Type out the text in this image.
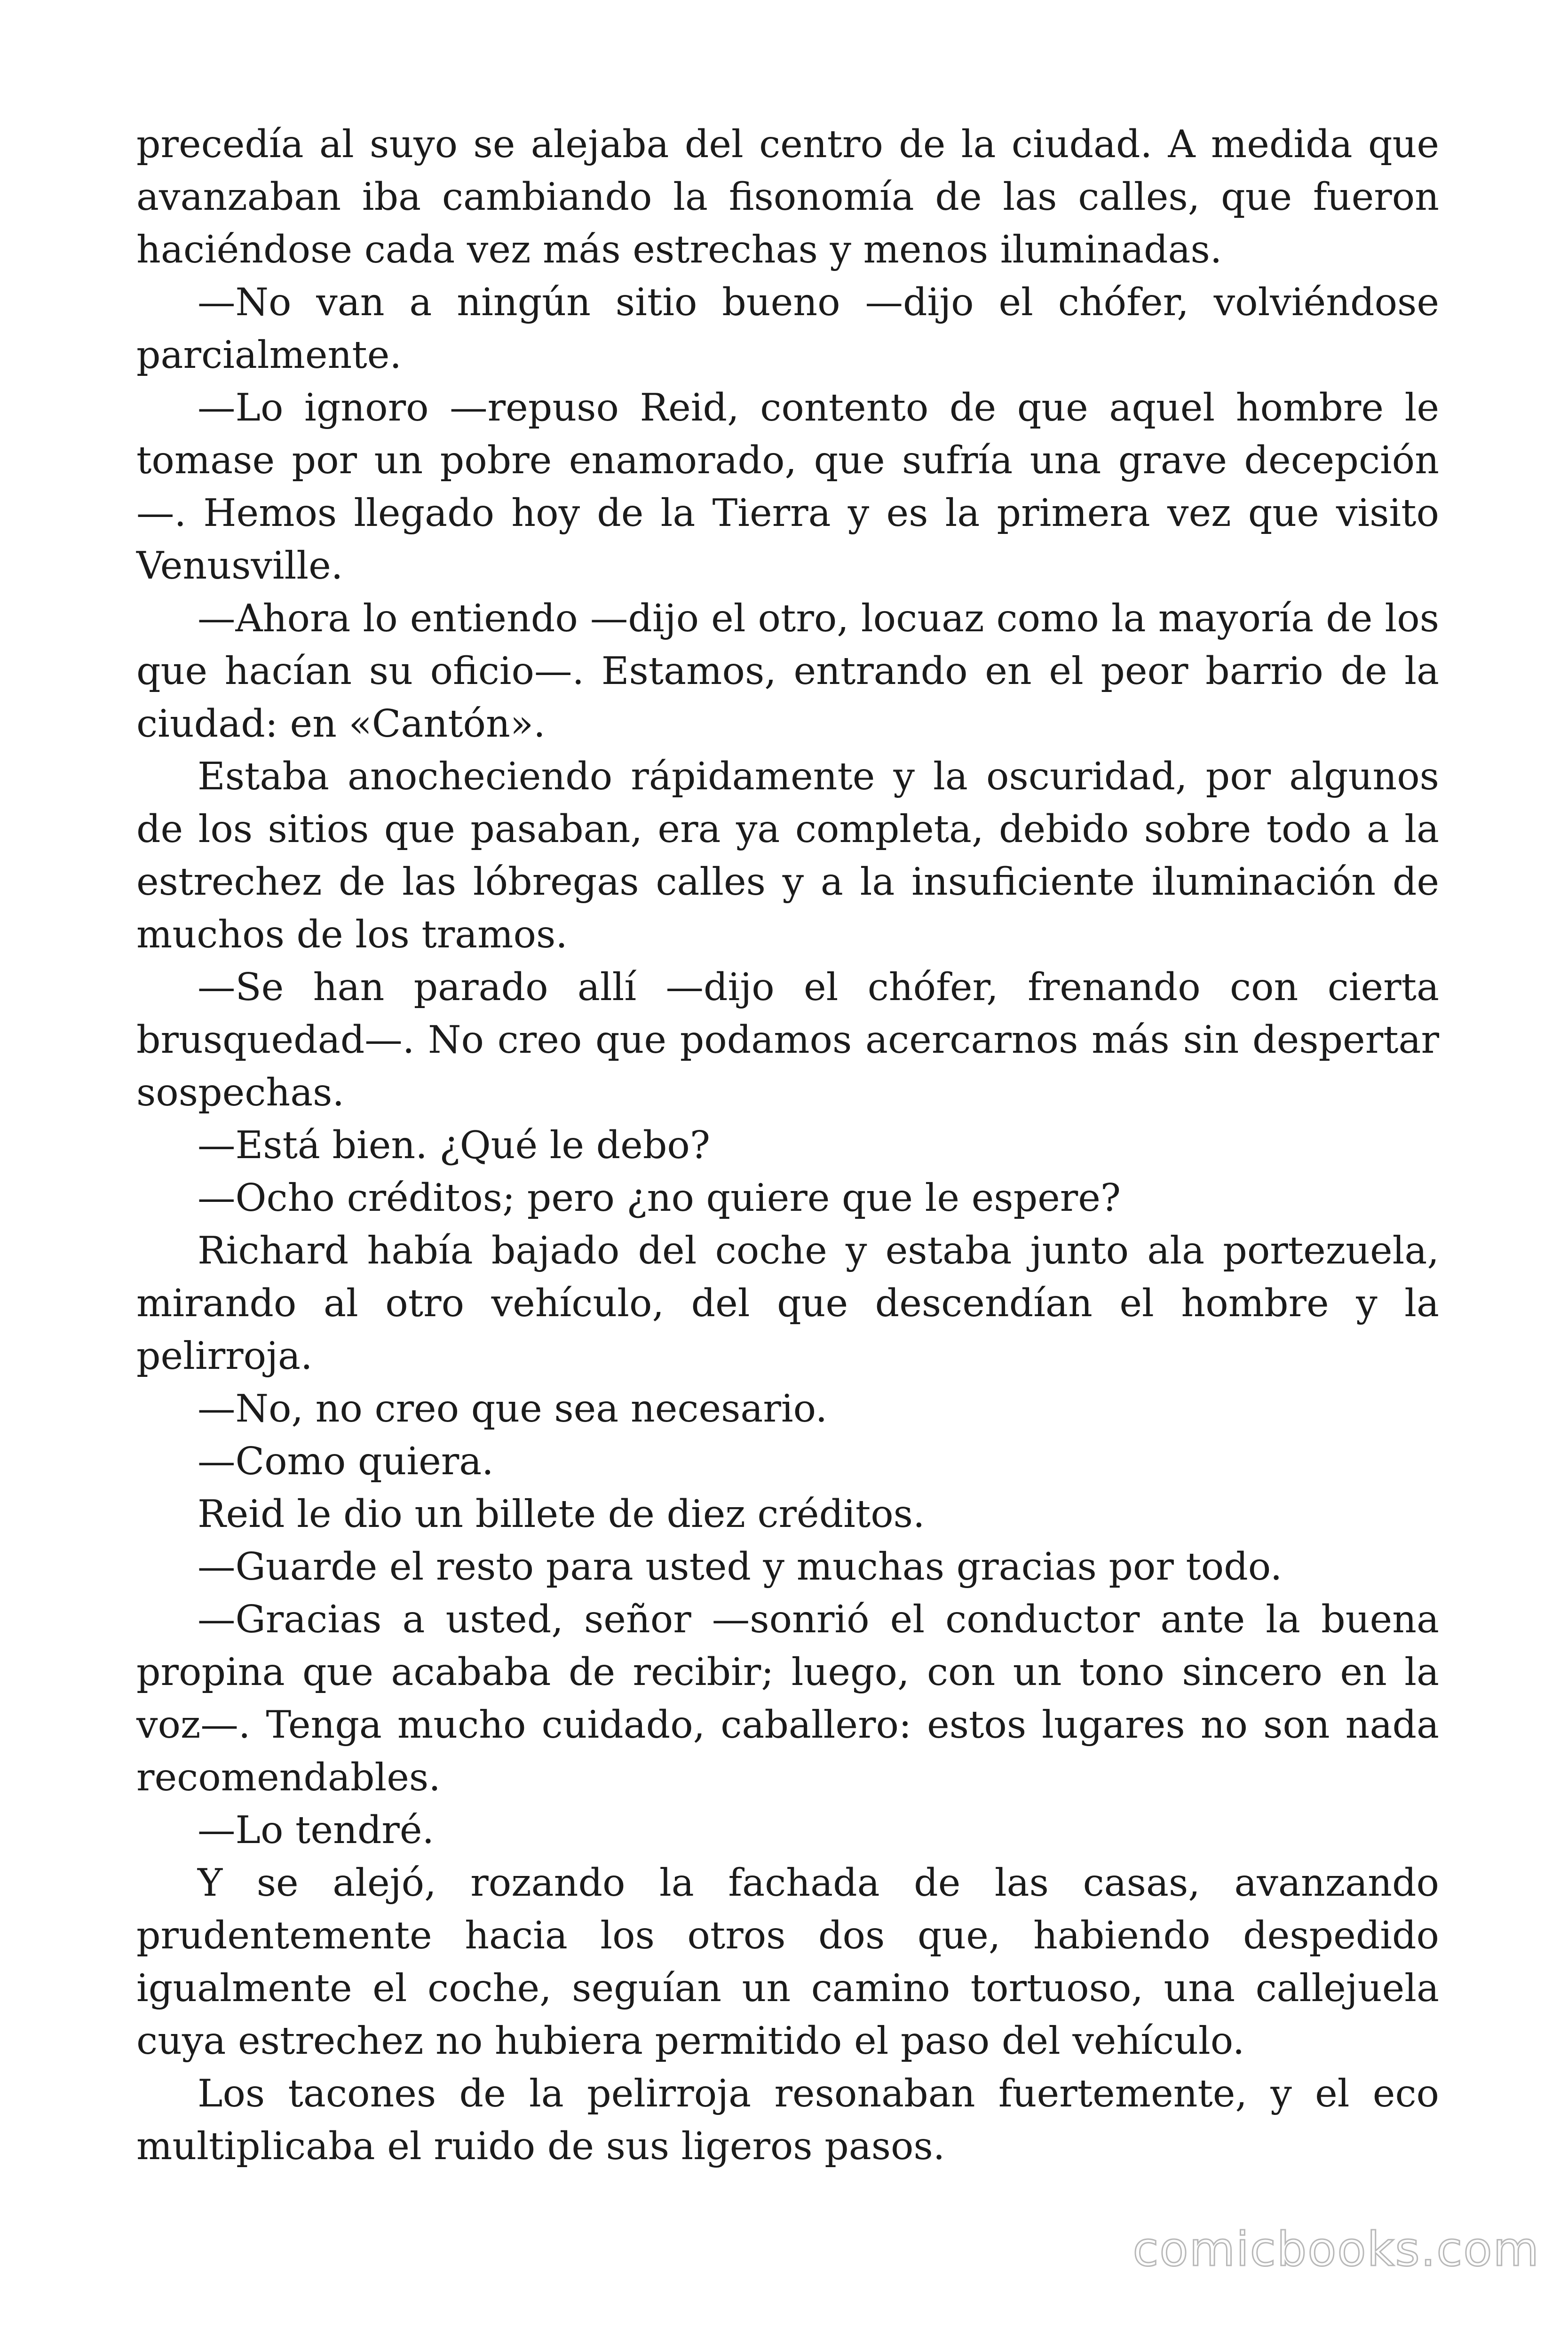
precedía al suyo se alejaba del centro de la ciudad. A medida que avanzaban iba cambiando la fisonomía de las calles, que fueron haciéndose cada vez más estrechas y menos iluminadas.

—No van a ningún sitio bueno —dijo el chófer, volviéndose parcialmente.

—Lo ignoro —repuso Reid, contento de que aquel hombre le tomase por un pobre enamorado, que sufría una grave decepción—. Hemos llegado hoy de la Tierra y es la primera vez que visito Venusville.

—Ahora lo entiendo —dijo el otro, locuaz como la mayoría de los que hacían su oficio—. Estamos, entrando en el peor barrio de la ciudad: en «Cantón».

Estaba anocheciendo rápidamente y la oscuridad, por algunos de los sitios que pasaban, era ya completa, debido sobre todo a la estrechez de las lóbregas calles y a la insuficiente iluminación de muchos de los tramos.

—Se han parado allí —dijo el chófer, frenando con cierta brusquedad—. No creo que podamos acercarnos más sin despertar sospechas.

—Está bien. ¿Qué le debo?

—Ocho créditos; pero ¿no quiere que le espere?

Richard había bajado del coche y estaba junto ala portezuela, mirando al otro vehículo, del que descendían el hombre y la pelirroja.

—No, no creo que sea necesario.

—Como quiera.

Reid le dio un billete de diez créditos.

—Guarde el resto para usted y muchas gracias por todo.

—Gracias a usted, señor —sonrió el conductor ante la buena propina que acababa de recibir; luego, con un tono sincero en la voz—. Tenga mucho cuidado, caballero: estos lugares no son nada recomendables.

—Lo tendré.

Y se alejó, rozando la fachada de las casas, avanzando prudentemente hacia los otros dos que, habiendo despedido igualmente el coche, seguían un camino tortuoso, una callejuela cuya estrechez no hubiera permitido el paso del vehículo.

Los tacones de la pelirroja resonaban fuertemente, y el eco multiplicaba el ruido de sus ligeros pasos.

comicbooks.com
